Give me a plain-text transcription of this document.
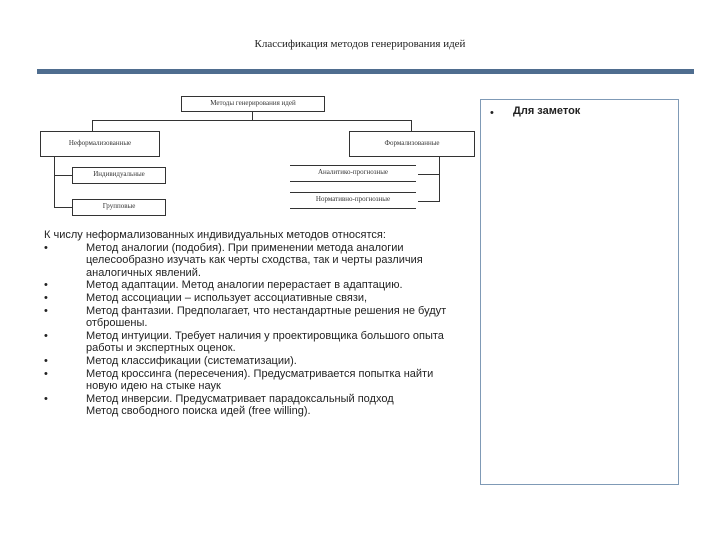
Классификация методов генерирования идей
Методы генерирования идей
Неформализованные	Формализованные
Индивидуальные
Групповые
Аналитико-прогнозные
Нормативно-прогнозные
• Для заметок

К числу неформализованных индивидуальных методов относятся:

•	Метод аналогии (подобия). При применении метода аналогии целесообразно изучать как черты сходства, так и черты различия аналогичных явлений.
•	Метод адаптации. Метод аналогии перерастает в адаптацию.
•	Метод ассоциации – использует ассоциативные связи,
•	Метод фантазии. Предполагает, что нестандартные решения не будут отброшены.
•	Метод интуиции. Требует наличия у проектировщика большого опыта работы и экспертных оценок.
•	Метод классификации (систематизации).
•	Метод кроссинга (пересечения). Предусматривается попытка найти новую идею на стыке наук
•	Метод инверсии. Предусматривает парадоксальный подход
Метод свободного поиска идей (free willing).
